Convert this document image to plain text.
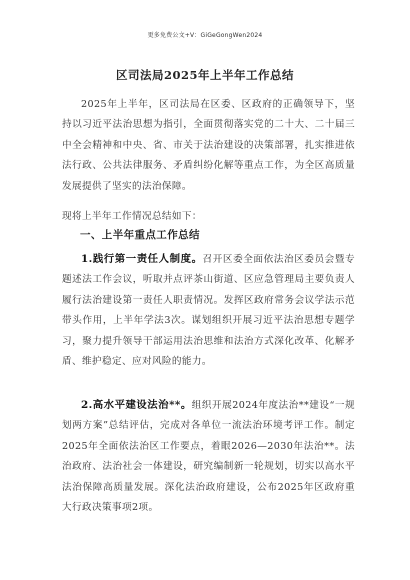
更多免费公文+V：GiGeGongWen2024
区司法局2025年上半年工作总结
2025年上半年，区司法局在区委、区政府的正确领导下，坚持以习近平法治思想为指引，全面贯彻落实党的二十大、二十届三中全会精神和中央、省、市关于法治建设的决策部署，扎实推进依法行政、公共法律服务、矛盾纠纷化解等重点工作，为全区高质量发展提供了坚实的法治保障。
现将上半年工作情况总结如下：
一、上半年重点工作总结
1.践行第一责任人制度。召开区委全面依法治区委员会暨专题述法工作会议，听取并点评茶山街道、区应急管理局主要负责人履行法治建设第一责任人职责情况。发挥区政府常务会议学法示范带头作用，上半年学法3次。谋划组织开展习近平法治思想专题学习，聚力提升领导干部运用法治思维和法治方式深化改革、化解矛盾、维护稳定、应对风险的能力。
2.高水平建设法治**。组织开展2024年度法治**建设“一规划两方案”总结评估，完成对各单位一流法治环境考评工作。制定2025年全面依法治区工作要点，着眼2026—2030年法治**。法治政府、法治社会一体建设，研究编制新一轮规划，切实以高水平法治保障高质量发展。深化法治政府建设，公布2025年区政府重大行政决策事项2项。
